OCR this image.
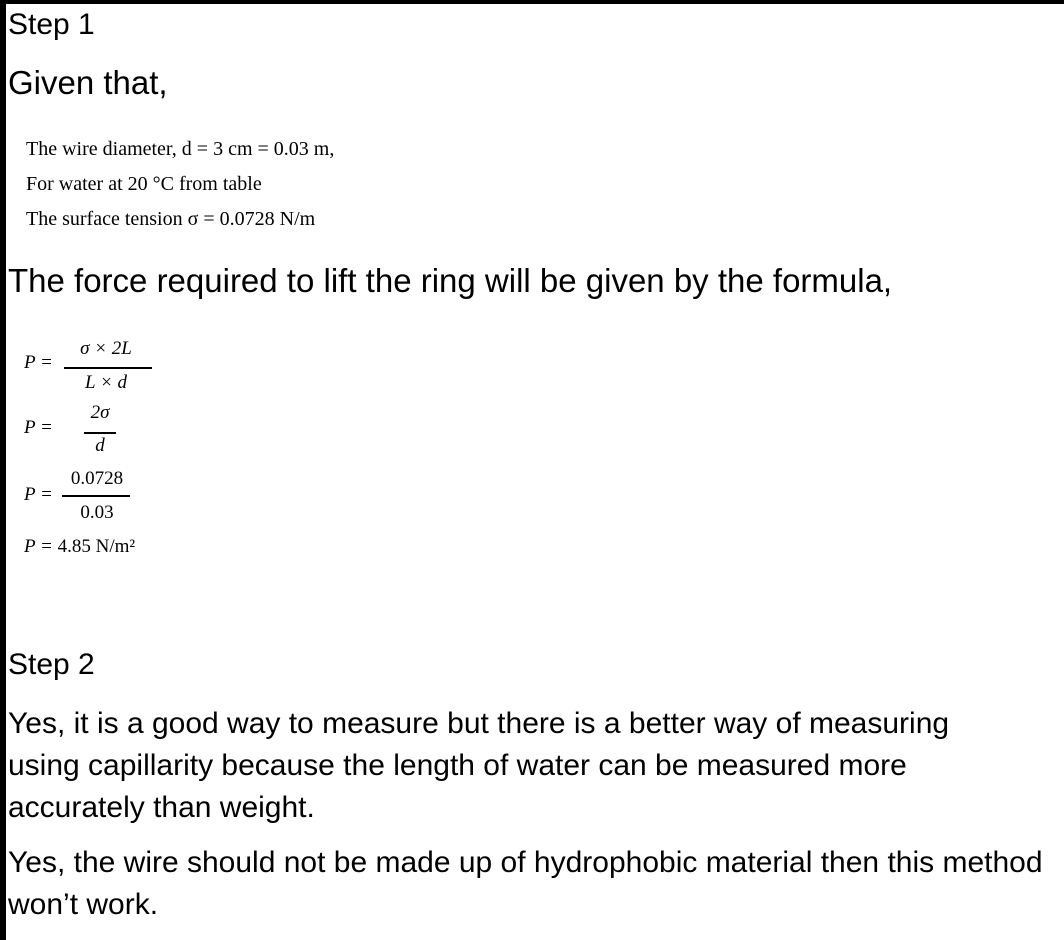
Step 1
Given that,
The wire diameter, d = 3 cm = 0.03 m,
For water at 20 °C from table
The surface tension σ = 0.0728 N/m
The force required to lift the ring will be given by the formula,
P =
σ × 2L
L × d
P =
2σ
d
P =
0.0728
0.03
P = 4.85 N/m²
Step 2
Yes, it is a good way to measure but there is a better way of measuring using capillarity because the length of water can be measured more accurately than weight.
Yes, the wire should not be made up of hydrophobic material then this method won’t work.
